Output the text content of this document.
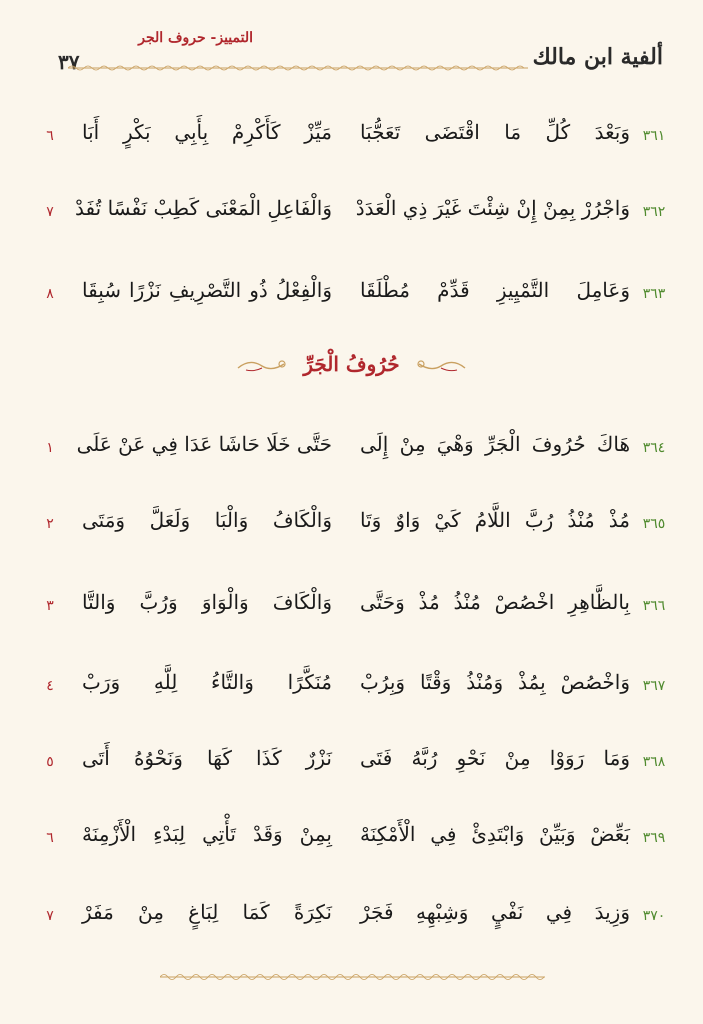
ألفية ابن مالك
التمييز- حروف الجر
٣٧
٣٦١
وَبَعْدَ كُلِّ مَا اقْتَضَى تَعَجُّبَا
مَيِّزْ كَأَكْرِمْ بِأَبِي بَكْرٍ أَبَا
٦
٣٦٢
وَاجْرُرْ بِمِنْ إِنْ شِئْتَ غَيْرَ ذِي الْعَدَدْ
وَالْفَاعِلِ الْمَعْنَى كَطِبْ نَفْسًا تُفَدْ
٧
٣٦٣
وَعَامِلَ التَّمْيِيزِ قَدِّمْ مُطْلَقَا
وَالْفِعْلُ ذُو التَّصْرِيفِ نَزْرًا سُبِقَا
٨
حُرُوفُ الْجَرِّ
٣٦٤
هَاكَ حُرُوفَ الْجَرِّ وَهْيَ مِنْ إِلَى
حَتَّى خَلَا حَاشَا عَدَا فِي عَنْ عَلَى
١
٣٦٥
مُذْ مُنْذُ رُبَّ اللَّامُ كَيْ وَاوٌ وَتَا
وَالْكَافُ وَالْبَا وَلَعَلَّ وَمَتَى
٢
٣٦٦
بِالظَّاهِرِ اخْصُصْ مُنْذُ مُذْ وَحَتَّى
وَالْكَافَ وَالْوَاوَ وَرُبَّ وَالتَّا
٣
٣٦٧
وَاخْصُصْ بِمُذْ وَمُنْذُ وَقْتًا وَبِرُبْ
مُنَكَّرًا وَالتَّاءُ لِلَّهِ وَرَبْ
٤
٣٦٨
وَمَا رَوَوْا مِنْ نَحْوِ رُبَّهُ فَتَى
نَزْرٌ كَذَا كَهَا وَنَحْوُهُ أَتَى
٥
٣٦٩
بَعِّضْ وَبَيِّنْ وَابْتَدِئْ فِي الْأَمْكِنَهْ
بِمِنْ وَقَدْ تَأْتِي لِبَدْءِ الْأَزْمِنَهْ
٦
٣٧٠
وَزِيدَ فِي نَفْيٍ وَشِبْهِهِ فَجَرْ
نَكِرَةً كَمَا لِبَاغٍ مِنْ مَفَرْ
٧
